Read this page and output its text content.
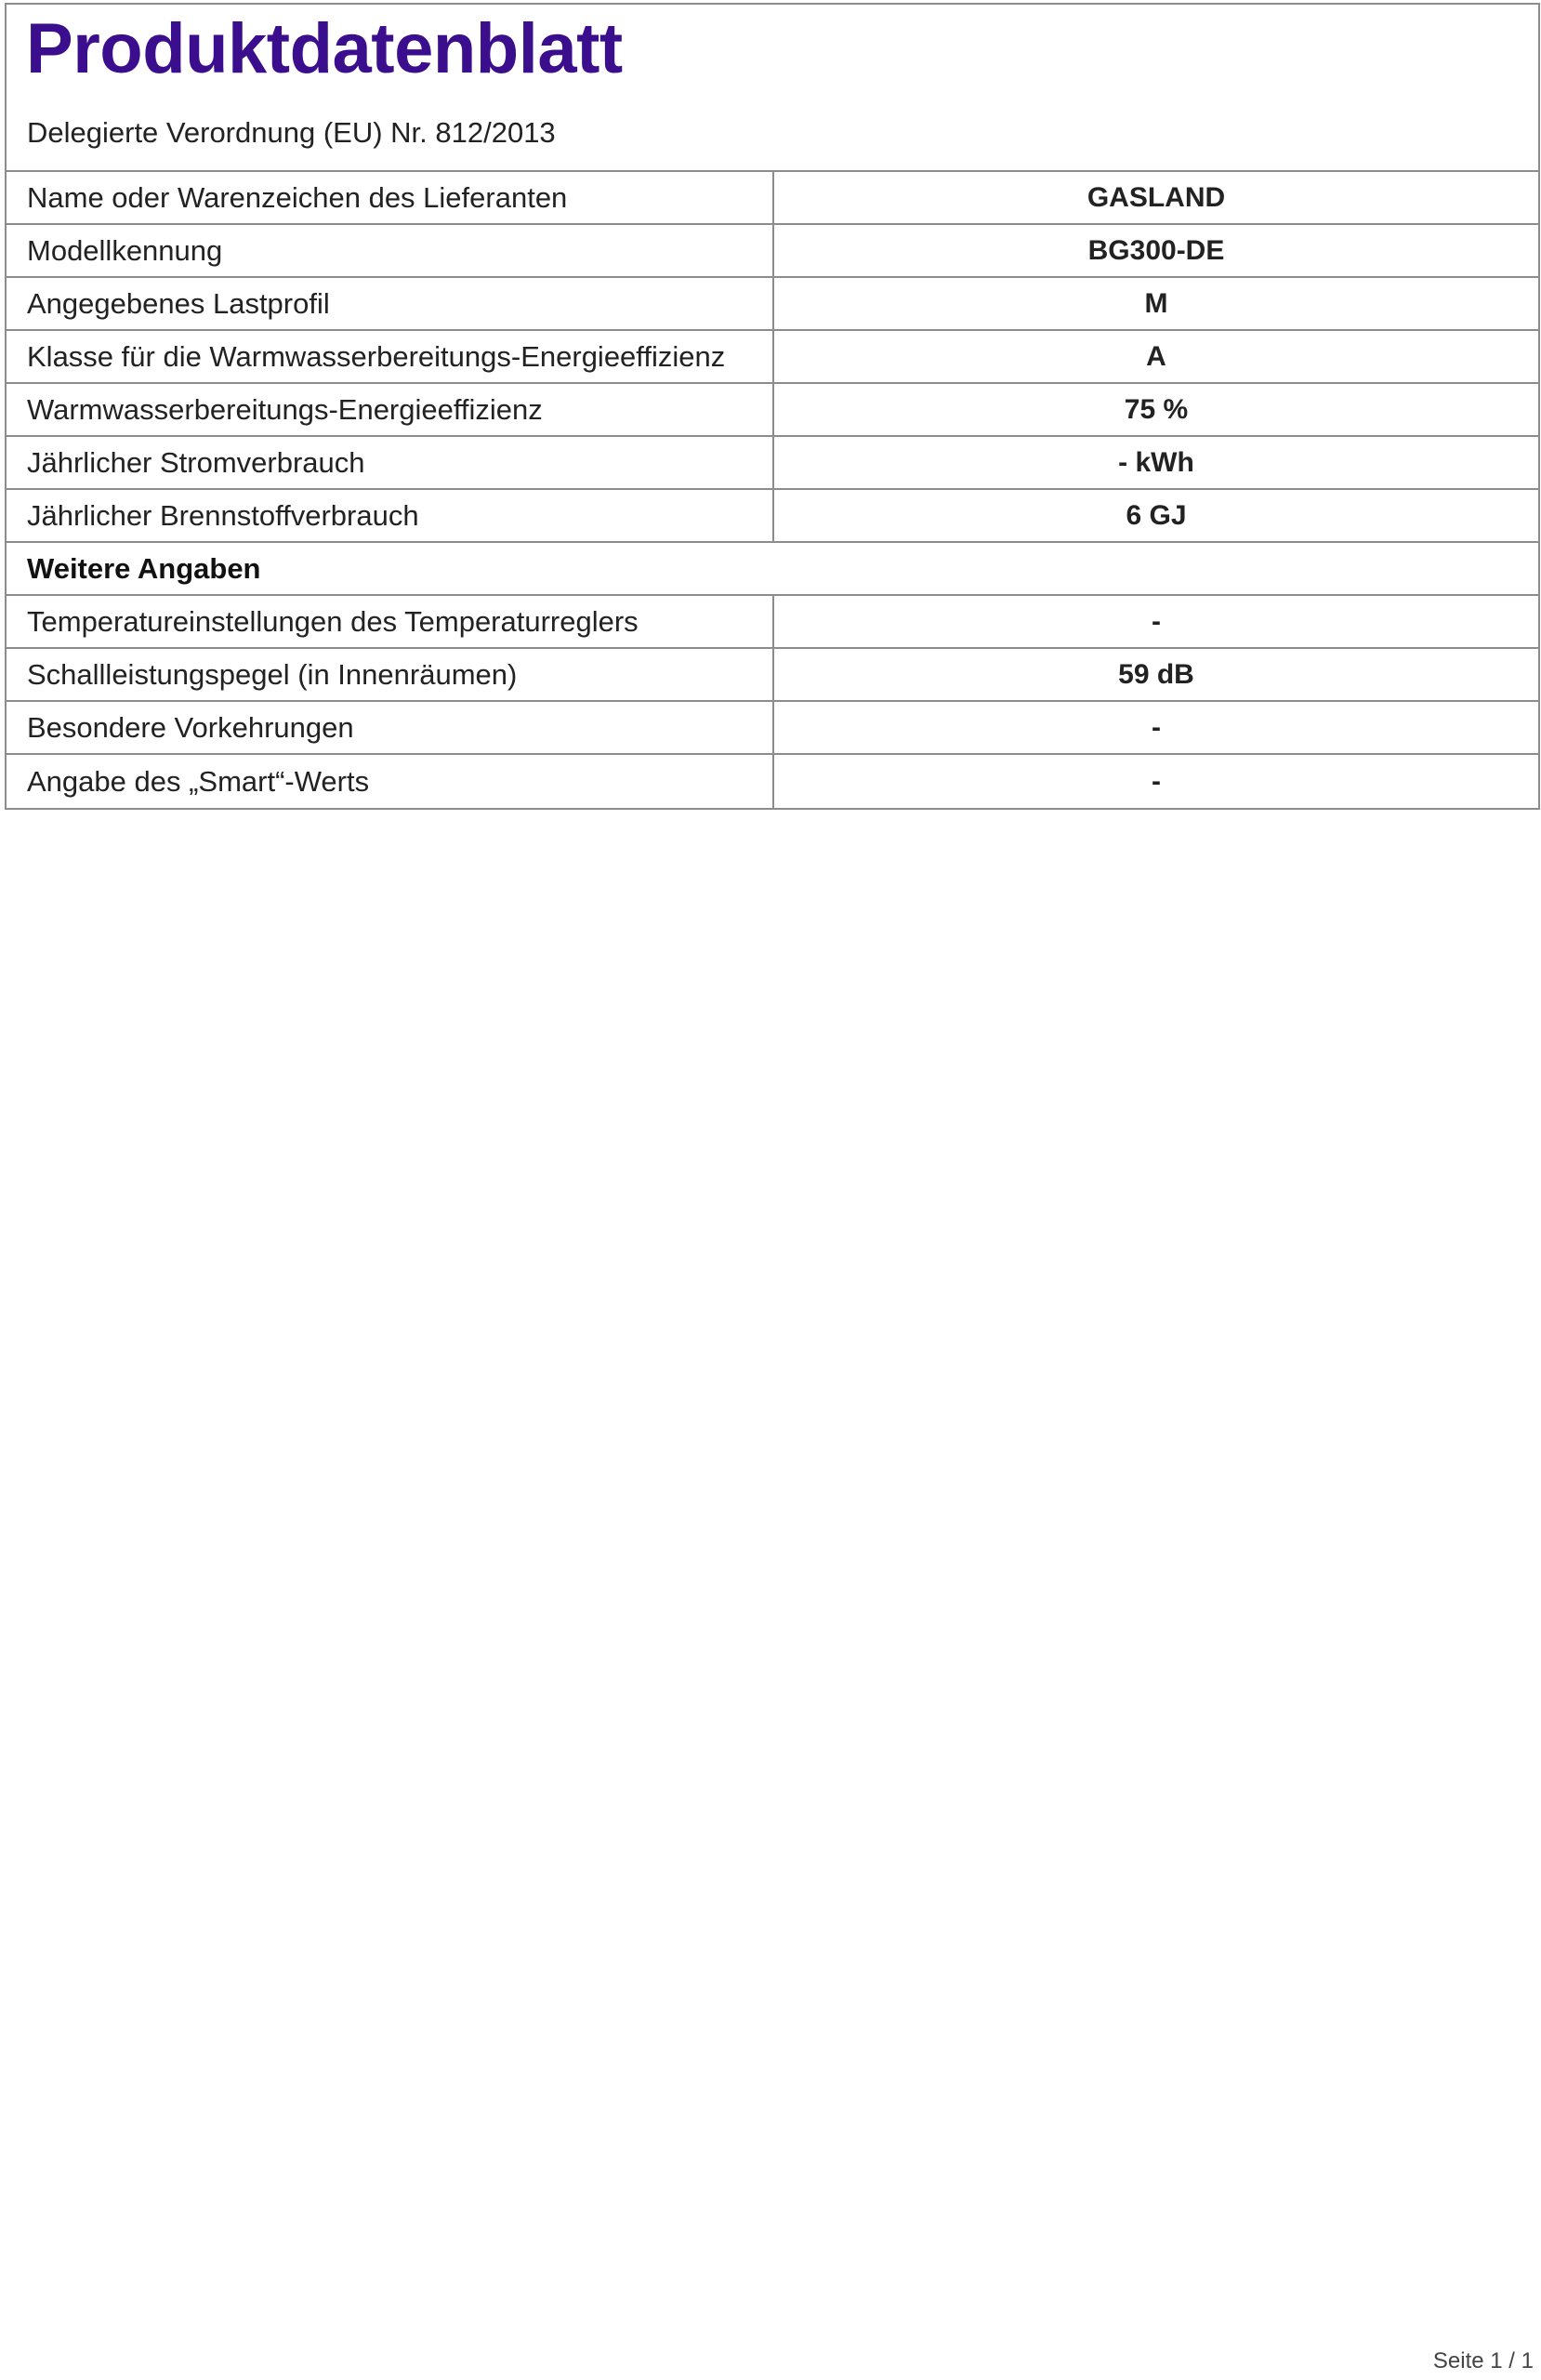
Produktdatenblatt
Delegierte Verordnung (EU) Nr. 812/2013
Name oder Warenzeichen des Lieferanten	GASLAND
Modellkennung	BG300-DE
Angegebenes Lastprofil	M
Klasse für die Warmwasserbereitungs-Energieeffizienz	A
Warmwasserbereitungs-Energieeffizienz	75 %
Jährlicher Stromverbrauch	- kWh
Jährlicher Brennstoffverbrauch	6 GJ
Weitere Angaben
Temperatureinstellungen des Temperaturreglers	-
Schallleistungspegel (in Innenräumen)	59 dB
Besondere Vorkehrungen	-
Angabe des „Smart“-Werts	-
Seite 1 / 1
